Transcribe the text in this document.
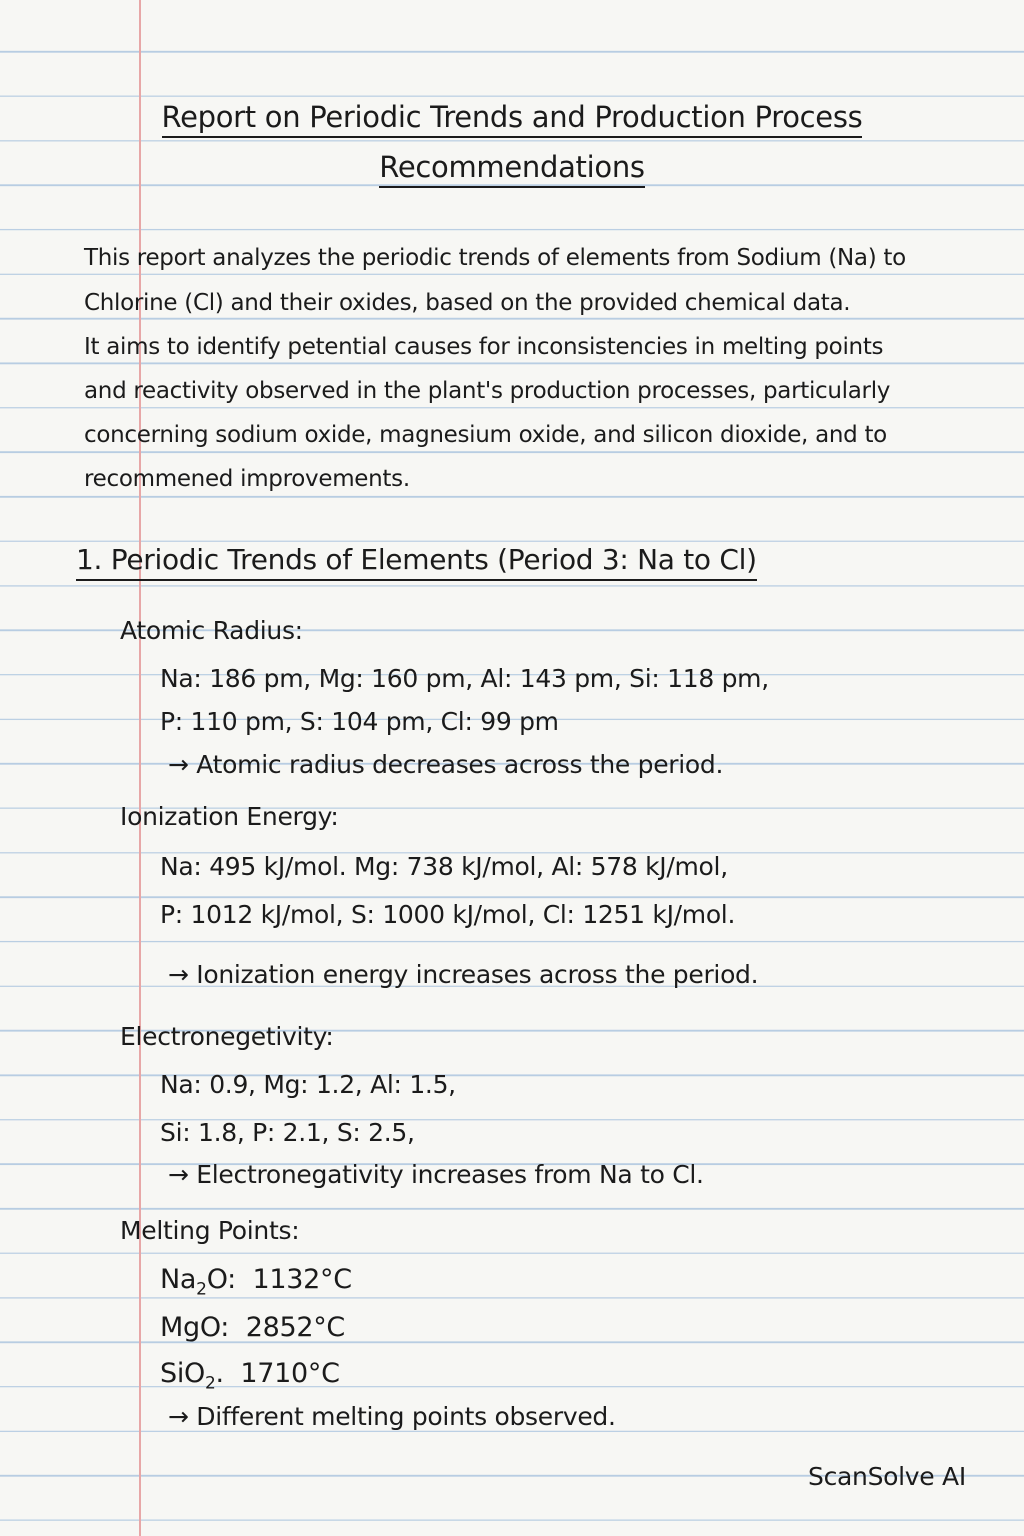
Report on Periodic Trends and Production Process
Recommendations
This report analyzes the periodic trends of elements from Sodium (Na) to
Chlorine (Cl) and their oxides, based on the provided chemical data.
It aims to identify petential causes for inconsistencies in melting points
and reactivity observed in the plant's production processes, particularly
concerning sodium oxide, magnesium oxide, and silicon dioxide, and to
recommened improvements.
1. Periodic Trends of Elements (Period 3: Na to Cl)
Atomic Radius:
Na: 186 pm, Mg: 160 pm, Al: 143 pm, Si: 118 pm,
P: 110 pm, S: 104 pm, Cl: 99 pm
→ Atomic radius decreases across the period.
Ionization Energy:
Na: 495 kJ/mol. Mg: 738 kJ/mol, Al: 578 kJ/mol,
P: 1012 kJ/mol, S: 1000 kJ/mol, Cl: 1251 kJ/mol.
→ Ionization energy increases across the period.
Electronegetivity:
Na: 0.9, Mg: 1.2, Al: 1.5,
Si: 1.8, P: 2.1, S: 2.5,
→ Electronegativity increases from Na to Cl.
Melting Points:
$Na_2O$: 1132°C
MgO: 2852°C
SiO$_2$. 1710°C
→ Different melting points observed.
ScanSolve AI
